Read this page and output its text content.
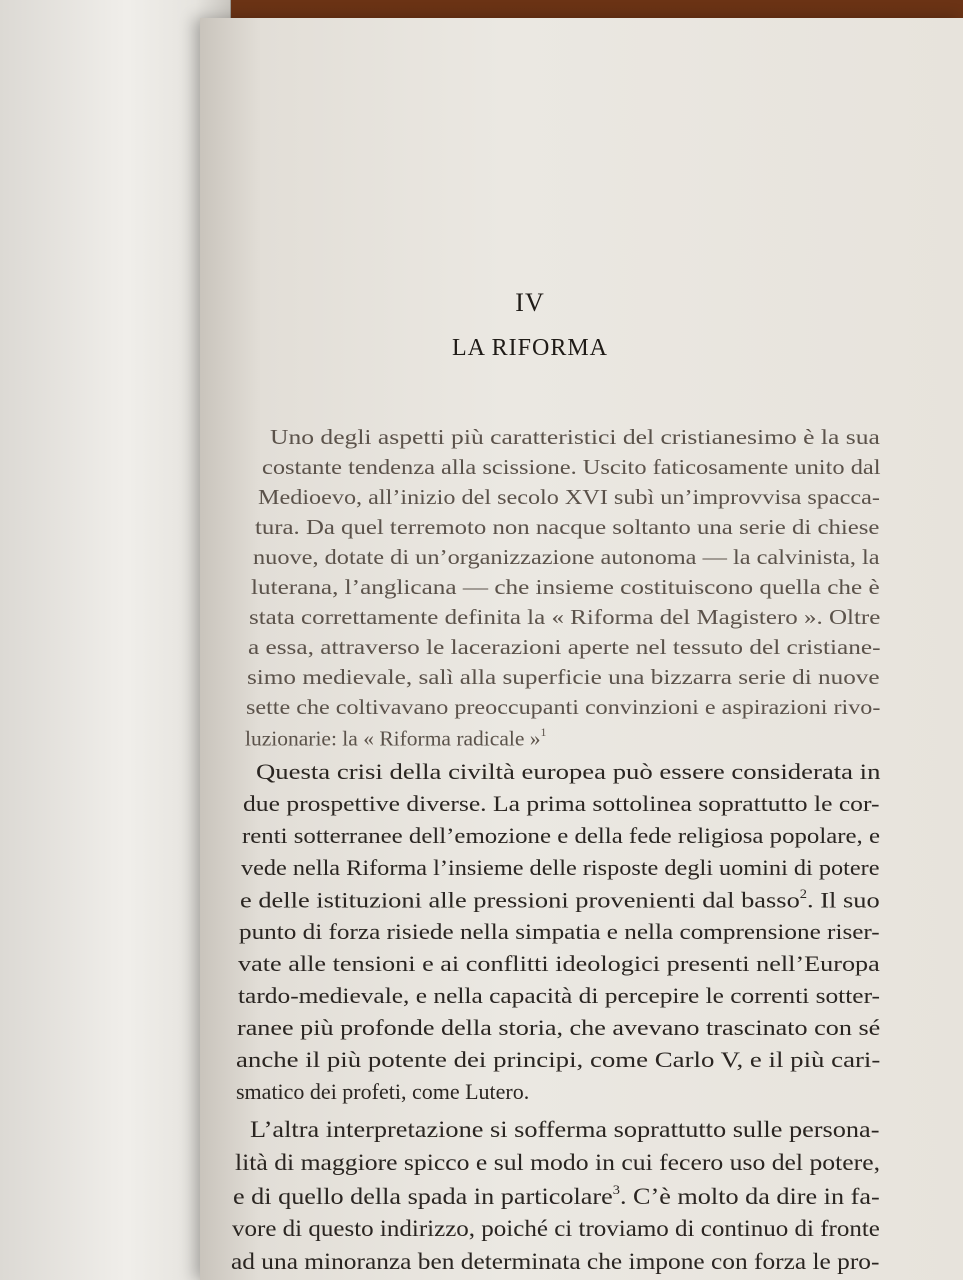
IV
LA RIFORMA
Uno degli aspetti più caratteristici del cristianesimo è la sua
costante tendenza alla scissione. Uscito faticosamente unito dal
Medioevo, all’inizio del secolo XVI subì un’improvvisa spacca-
tura. Da quel terremoto non nacque soltanto una serie di chiese
nuove, dotate di un’organizzazione autonoma — la calvinista, la
luterana, l’anglicana — che insieme costituiscono quella che è
stata correttamente definita la « Riforma del Magistero ». Oltre
a essa, attraverso le lacerazioni aperte nel tessuto del cristiane-
simo medievale, salì alla superficie una bizzarra serie di nuove
sette che coltivavano preoccupanti convinzioni e aspirazioni rivo-
luzionarie: la « Riforma radicale »$^1$
Questa crisi della civiltà europea può essere considerata in
due prospettive diverse. La prima sottolinea soprattutto le cor-
renti sotterranee dell’emozione e della fede religiosa popolare, e
vede nella Riforma l’insieme delle risposte degli uomini di potere
e delle istituzioni alle pressioni provenienti dal basso$^2$. Il suo
punto di forza risiede nella simpatia e nella comprensione riser-
vate alle tensioni e ai conflitti ideologici presenti nell’Europa
tardo-medievale, e nella capacità di percepire le correnti sotter-
ranee più profonde della storia, che avevano trascinato con sé
anche il più potente dei principi, come Carlo V, e il più cari-
smatico dei profeti, come Lutero.
L’altra interpretazione si sofferma soprattutto sulle persona-
lità di maggiore spicco e sul modo in cui fecero uso del potere,
e di quello della spada in particolare$^3$. C’è molto da dire in fa-
vore di questo indirizzo, poiché ci troviamo di continuo di fronte
ad una minoranza ben determinata che impone con forza le pro-
